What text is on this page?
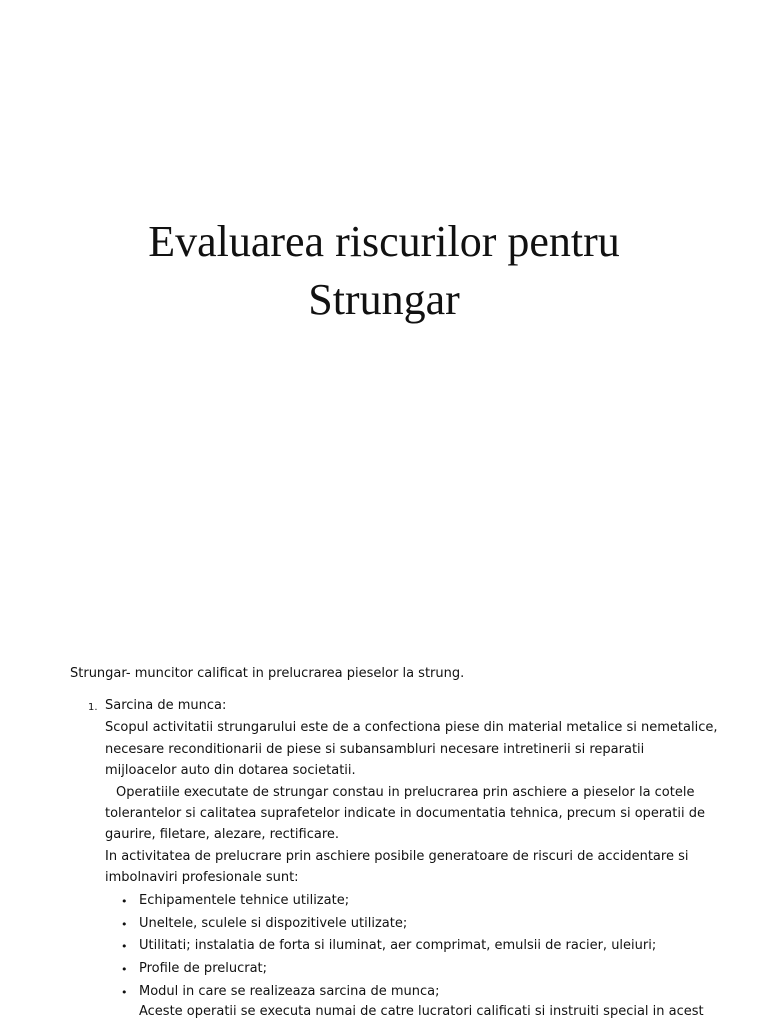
Evaluarea riscurilor pentru
Strungar
Strungar- muncitor calificat in prelucrarea pieselor la strung.
1. Sarcina de munca:
Scopul activitatii strungarului este de a confectiona piese din material metalice si nemetalice,
necesare reconditionarii de piese si subansambluri necesare intretinerii si reparatii
mijloacelor auto din dotarea societatii.
Operatiile executate de strungar constau in prelucrarea prin aschiere a pieselor la cotele
tolerantelor si calitatea suprafetelor indicate in documentatia tehnica, precum si operatii de
gaurire, filetare, alezare, rectificare.
In activitatea de prelucrare prin aschiere posibile generatoare de riscuri de accidentare si
imbolnaviri profesionale sunt:
• Echipamentele tehnice utilizate;
• Uneltele, sculele si dispozitivele utilizate;
• Utilitati; instalatia de forta si iluminat, aer comprimat, emulsii de racier, uleiuri;
• Profile de prelucrat;
• Modul in care se realizeaza sarcina de munca;
Aceste operatii se executa numai de catre lucratori calificati si instruiti special in acest
